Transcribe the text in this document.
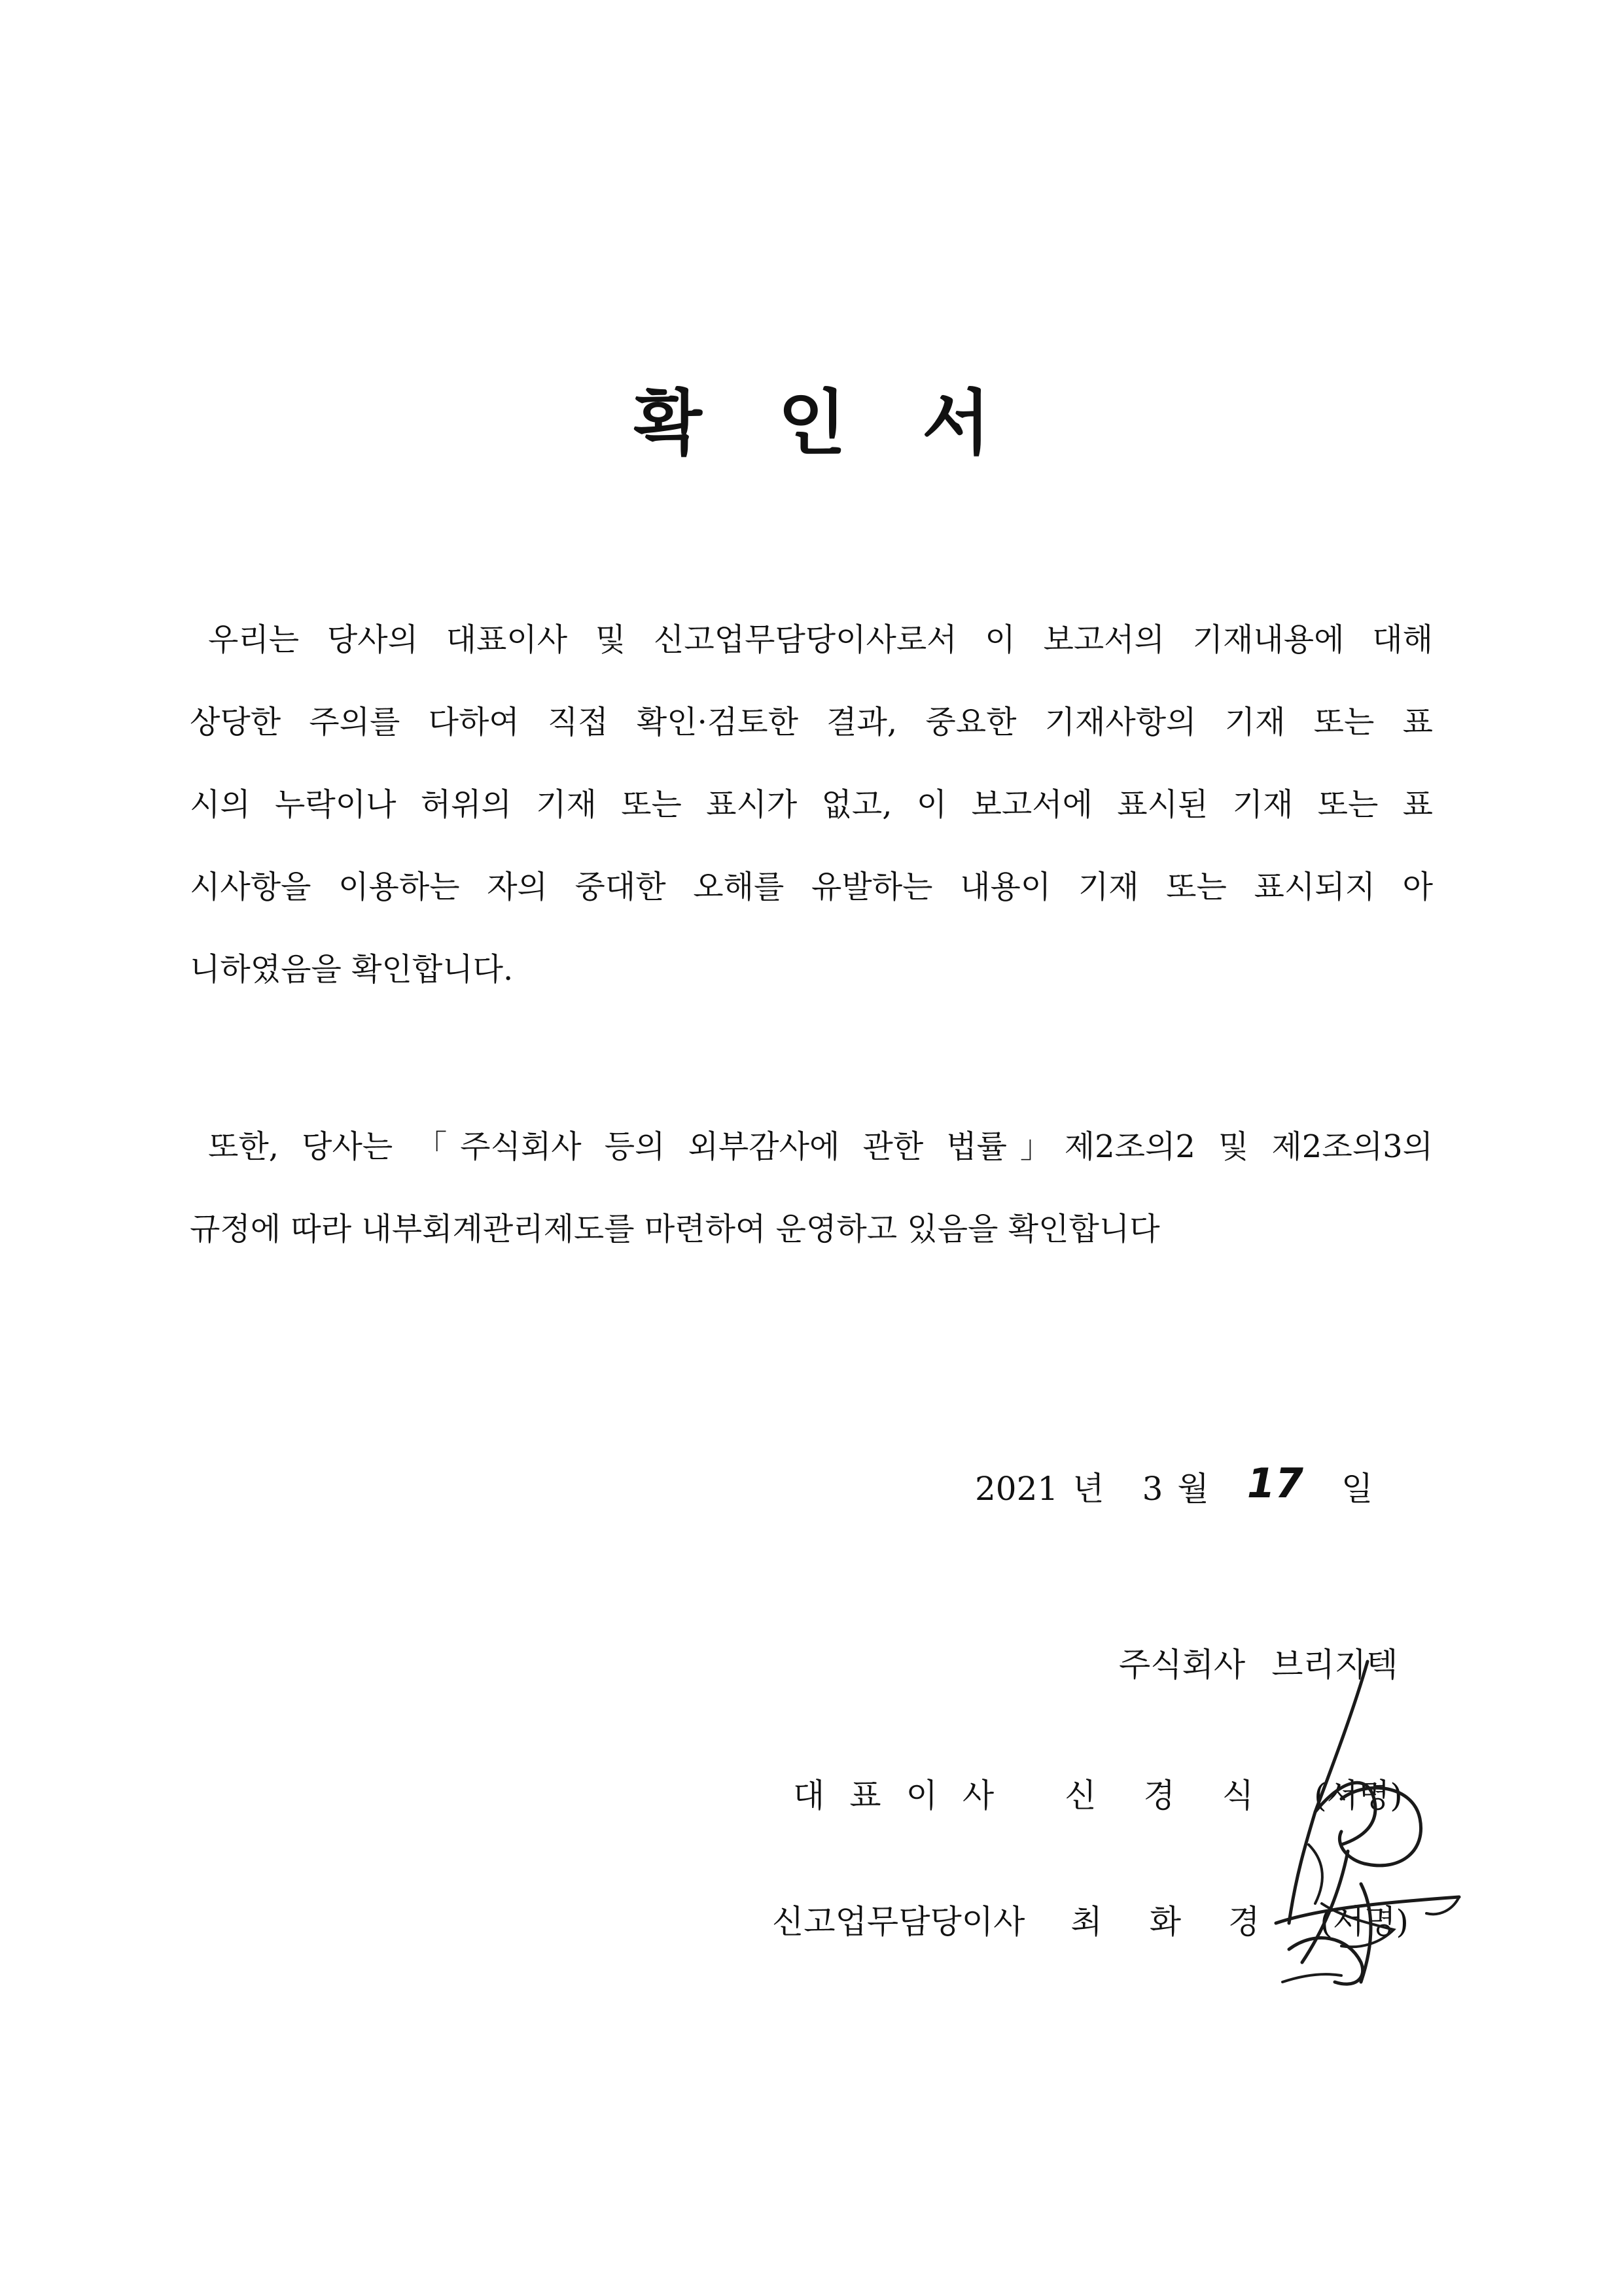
확 인 서
우리는 당사의 대표이사 및 신고업무담당이사로서 이 보고서의 기재내용에 대해
상당한 주의를 다하여 직접 확인·검토한 결과, 중요한 기재사항의 기재 또는 표
시의 누락이나 허위의 기재 또는 표시가 없고, 이 보고서에 표시된 기재 또는 표
시사항을 이용하는 자의 중대한 오해를 유발하는 내용이 기재 또는 표시되지 아
니하였음을 확인합니다.
또한, 당사는 「주식회사 등의 외부감사에 관한 법률」제2조의2 및 제2조의3의
규정에 따라 내부회계관리제도를 마련하여 운영하고 있음을 확인합니다
2021 년 3 월 17 일
주식회사 브리지텍
대표이사 신경식 (서명)
신고업무담당이사 최화경 (서명)
